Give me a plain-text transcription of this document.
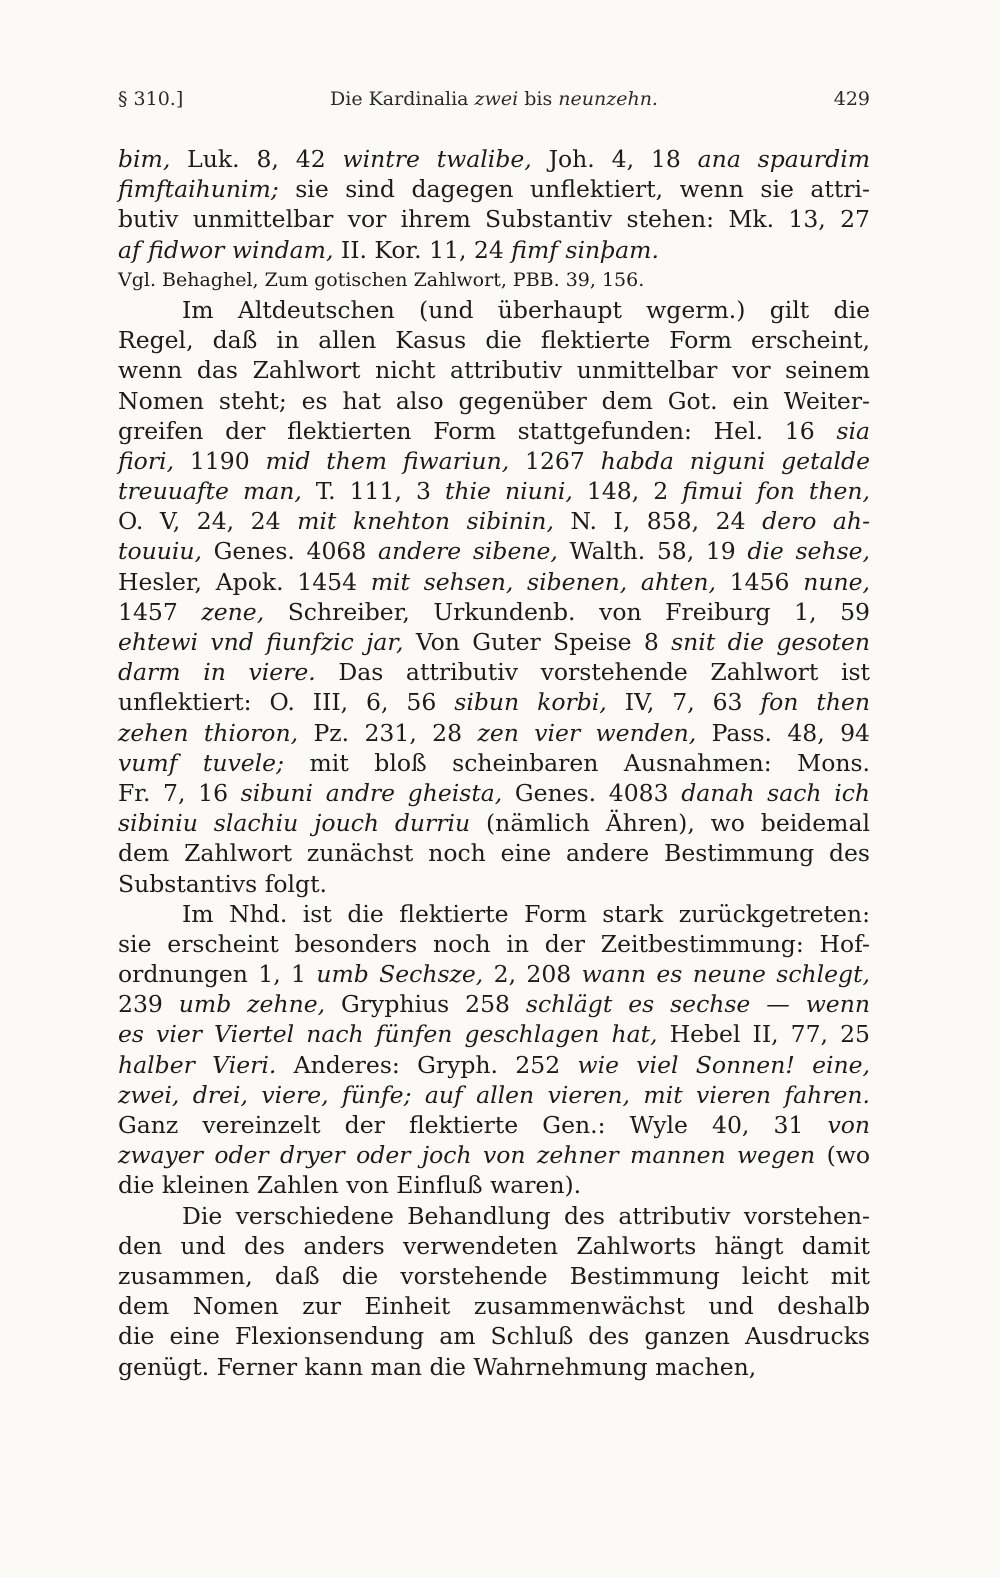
§ 310.]	Die Kardinalia zwei bis neunzehn.	429
bim, Luk. 8, 42 wintre twalibe, Joh. 4, 18 ana spaurdim
fimftaihunim; sie sind dagegen unflektiert, wenn sie attri-
butiv unmittelbar vor ihrem Substantiv stehen: Mk. 13, 27
af fidwor windam, II. Kor. 11, 24 fimf sinþam.
Vgl. Behaghel, Zum gotischen Zahlwort, PBB. 39, 156.
Im Altdeutschen (und überhaupt wgerm.) gilt die
Regel, daß in allen Kasus die flektierte Form erscheint,
wenn das Zahlwort nicht attributiv unmittelbar vor seinem
Nomen steht; es hat also gegenüber dem Got. ein Weiter-
greifen der flektierten Form stattgefunden: Hel. 16 sia
fiori, 1190 mid them fiwariun, 1267 habda niguni getalde
treuuafte man, T. 111, 3 thie niuni, 148, 2 fimui fon then,
O. V, 24, 24 mit knehton sibinin, N. I, 858, 24 dero ah-
touuiu, Genes. 4068 andere sibene, Walth. 58, 19 die sehse,
Hesler, Apok. 1454 mit sehsen, sibenen, ahten, 1456 nune,
1457 zene, Schreiber, Urkundenb. von Freiburg 1, 59
ehtewi vnd fiunfzic jar, Von Guter Speise 8 snit die gesoten
darm in viere. Das attributiv vorstehende Zahlwort ist
unflektiert: O. III, 6, 56 sibun korbi, IV, 7, 63 fon then
zehen thioron, Pz. 231, 28 zen vier wenden, Pass. 48, 94
vumf tuvele; mit bloß scheinbaren Ausnahmen: Mons.
Fr. 7, 16 sibuni andre gheista, Genes. 4083 danah sach ich
sibiniu slachiu jouch durriu (nämlich Ähren), wo beidemal
dem Zahlwort zunächst noch eine andere Bestimmung des
Substantivs folgt.
Im Nhd. ist die flektierte Form stark zurückgetreten:
sie erscheint besonders noch in der Zeitbestimmung: Hof-
ordnungen 1, 1 umb Sechsze, 2, 208 wann es neune schlegt,
239 umb zehne, Gryphius 258 schlägt es sechse — wenn
es vier Viertel nach fünfen geschlagen hat, Hebel II, 77, 25
halber Vieri. Anderes: Gryph. 252 wie viel Sonnen! eine,
zwei, drei, viere, fünfe; auf allen vieren, mit vieren fahren.
Ganz vereinzelt der flektierte Gen.: Wyle 40, 31 von
zwayer oder dryer oder joch von zehner mannen wegen (wo
die kleinen Zahlen von Einfluß waren).
Die verschiedene Behandlung des attributiv vorstehen-
den und des anders verwendeten Zahlworts hängt damit
zusammen, daß die vorstehende Bestimmung leicht mit
dem Nomen zur Einheit zusammenwächst und deshalb
die eine Flexionsendung am Schluß des ganzen Ausdrucks
genügt. Ferner kann man die Wahrnehmung machen,
